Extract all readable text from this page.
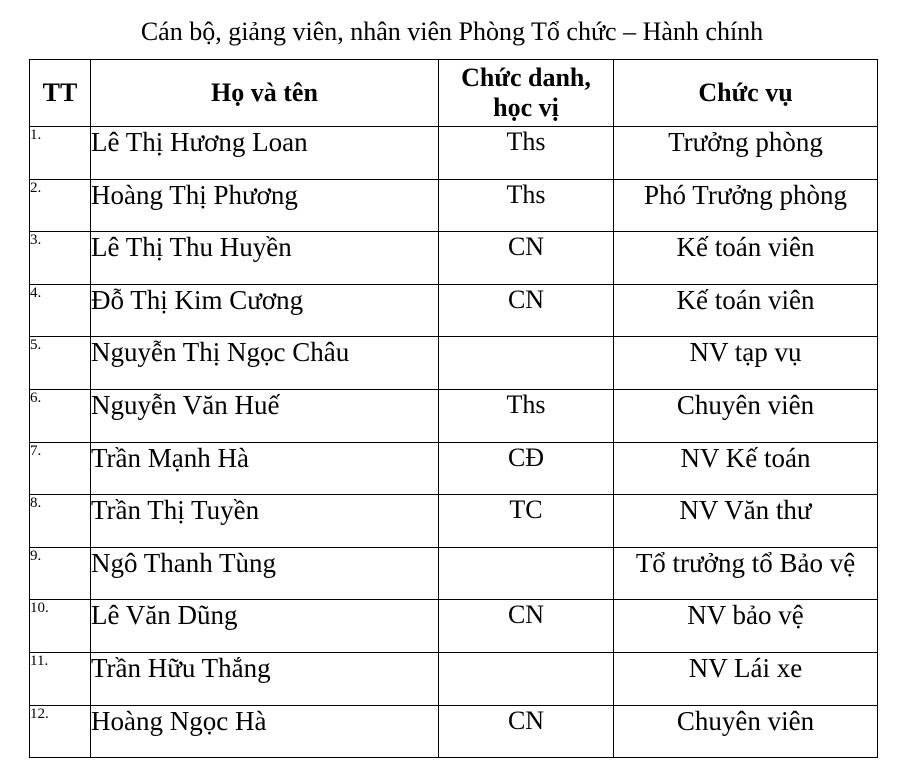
Cán bộ, giảng viên, nhân viên Phòng Tổ chức – Hành chính
TT	Họ và tên	Chức danh,
học vị	Chức vụ
1.	Lê Thị Hương Loan	Ths	Trưởng phòng
2.	Hoàng Thị Phương	Ths	Phó Trưởng phòng
3.	Lê Thị Thu Huyền	CN	Kế toán viên
4.	Đỗ Thị Kim Cương	CN	Kế toán viên
5.	Nguyễn Thị Ngọc Châu		NV tạp vụ
6.	Nguyễn Văn Huế	Ths	Chuyên viên
7.	Trần Mạnh Hà	CĐ	NV Kế toán
8.	Trần Thị Tuyền	TC	NV Văn thư
9.	Ngô Thanh Tùng		Tổ trưởng tổ Bảo vệ
10.	Lê Văn Dũng	CN	NV bảo vệ
11.	Trần Hữu Thắng		NV Lái xe
12.	Hoàng Ngọc Hà	CN	Chuyên viên
